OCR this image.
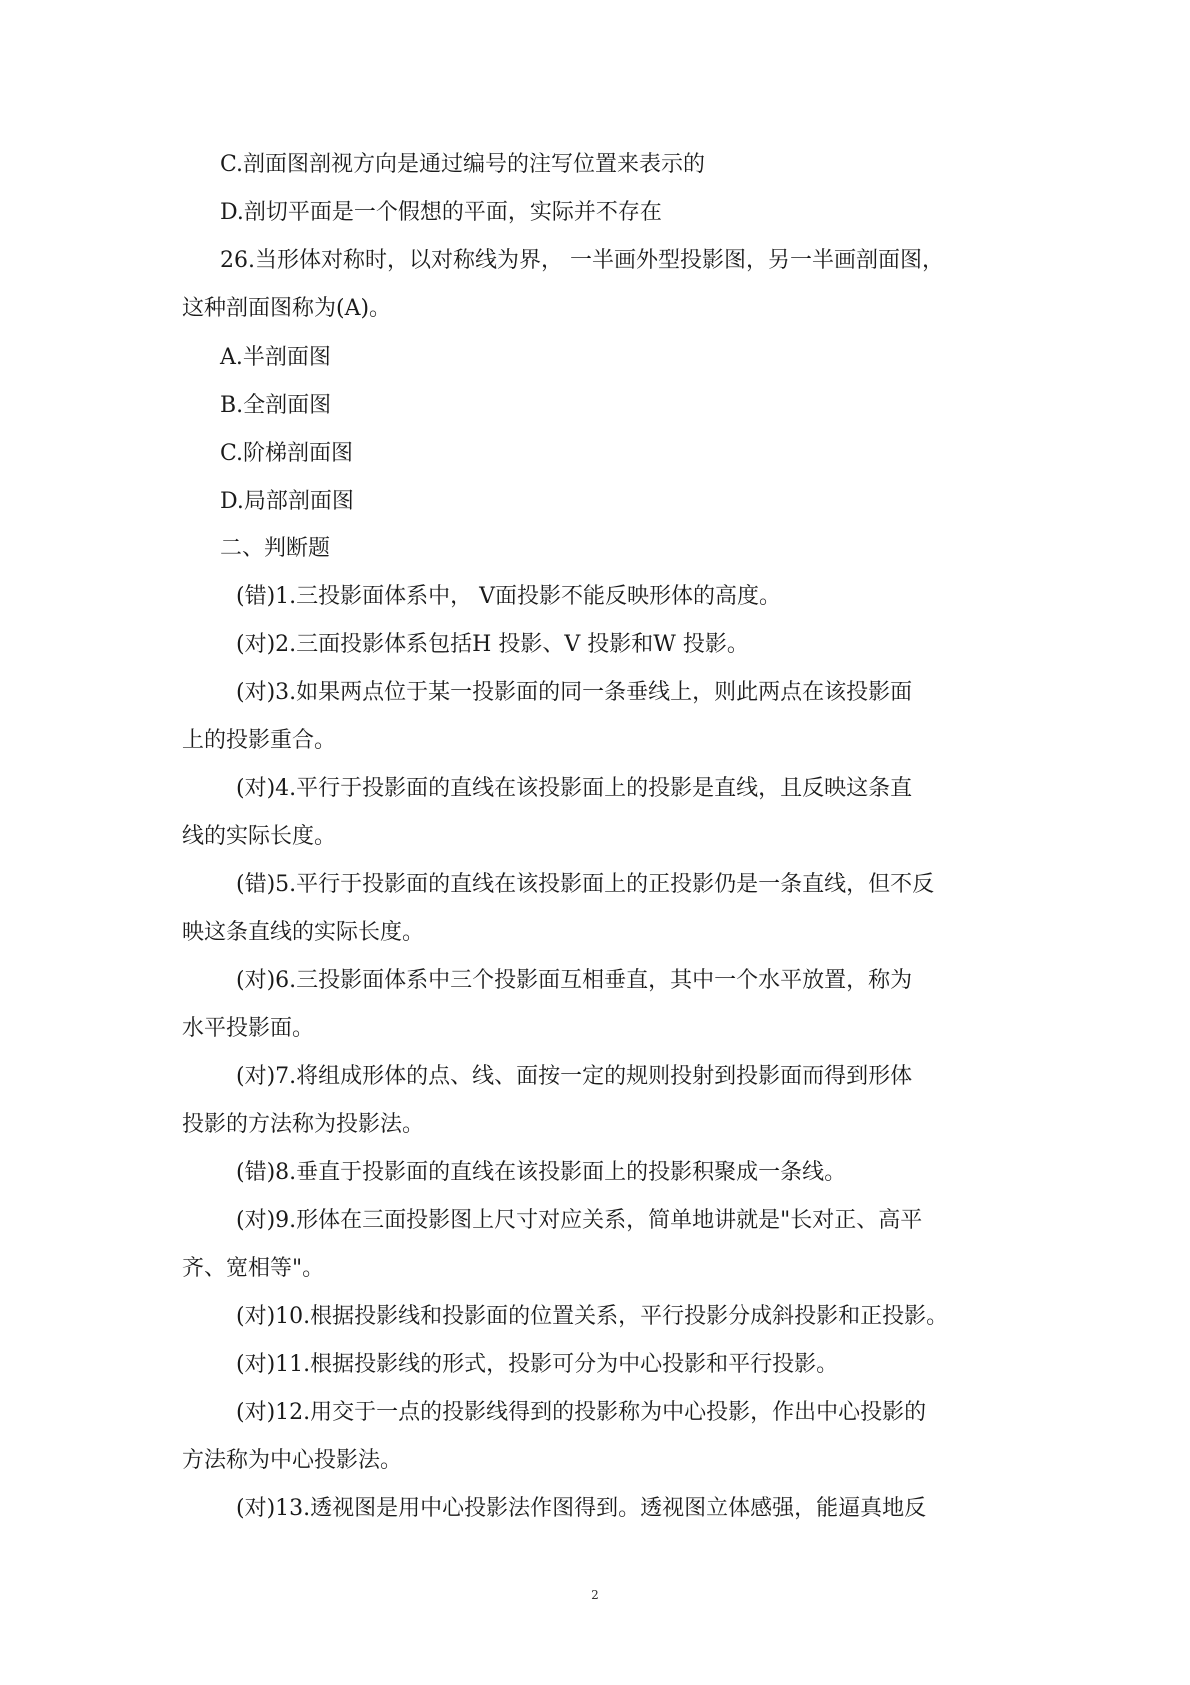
C.剖面图剖视方向是通过编号的注写位置来表示的
D.剖切平面是一个假想的平面，实际并不存在
26.当形体对称时，以对称线为界， 一半画外型投影图，另一半画剖面图，
这种剖面图称为(A)。
A.半剖面图
B.全剖面图
C.阶梯剖面图
D.局部剖面图
二、判断题
(错)1.三投影面体系中， V面投影不能反映形体的高度。
(对)2.三面投影体系包括H 投影、V 投影和W 投影。
(对)3.如果两点位于某一投影面的同一条垂线上，则此两点在该投影面
上的投影重合。
(对)4.平行于投影面的直线在该投影面上的投影是直线，且反映这条直
线的实际长度。
(错)5.平行于投影面的直线在该投影面上的正投影仍是一条直线，但不反
映这条直线的实际长度。
(对)6.三投影面体系中三个投影面互相垂直，其中一个水平放置，称为
水平投影面。
(对)7.将组成形体的点、线、面按一定的规则投射到投影面而得到形体
投影的方法称为投影法。
(错)8.垂直于投影面的直线在该投影面上的投影积聚成一条线。
(对)9.形体在三面投影图上尺寸对应关系，简单地讲就是"长对正、高平
齐、宽相等"。
(对)10.根据投影线和投影面的位置关系，平行投影分成斜投影和正投影。
(对)11.根据投影线的形式，投影可分为中心投影和平行投影。
(对)12.用交于一点的投影线得到的投影称为中心投影，作出中心投影的
方法称为中心投影法。
(对)13.透视图是用中心投影法作图得到。透视图立体感强，能逼真地反
2
